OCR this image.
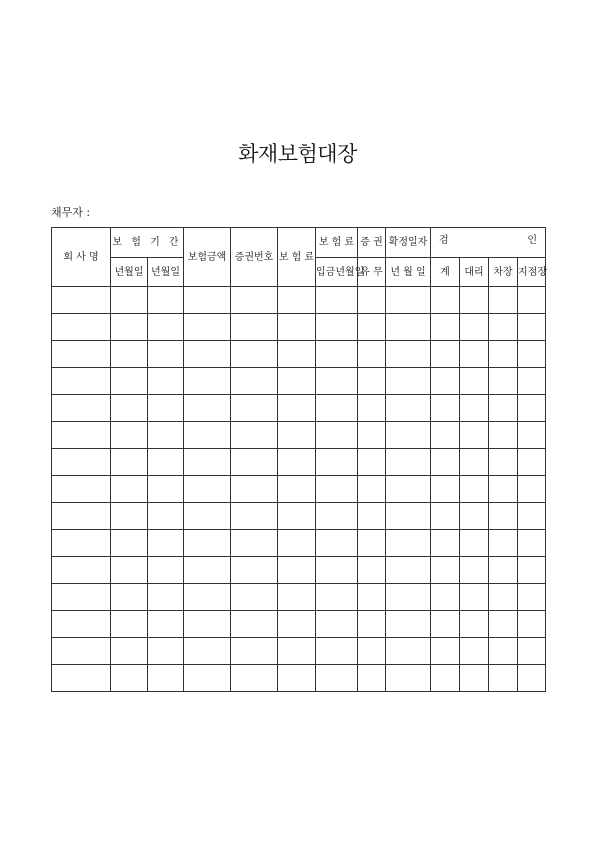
화재보험대장
채무자 :
회 사 명	보 험 기 간		보험금액	증권번호	보 험 료	보 험 료	증 권	확정일자	검 인			

	년월일	년월일				입금년월일	유 무	년 월 일	계	대리	차장	지점장
